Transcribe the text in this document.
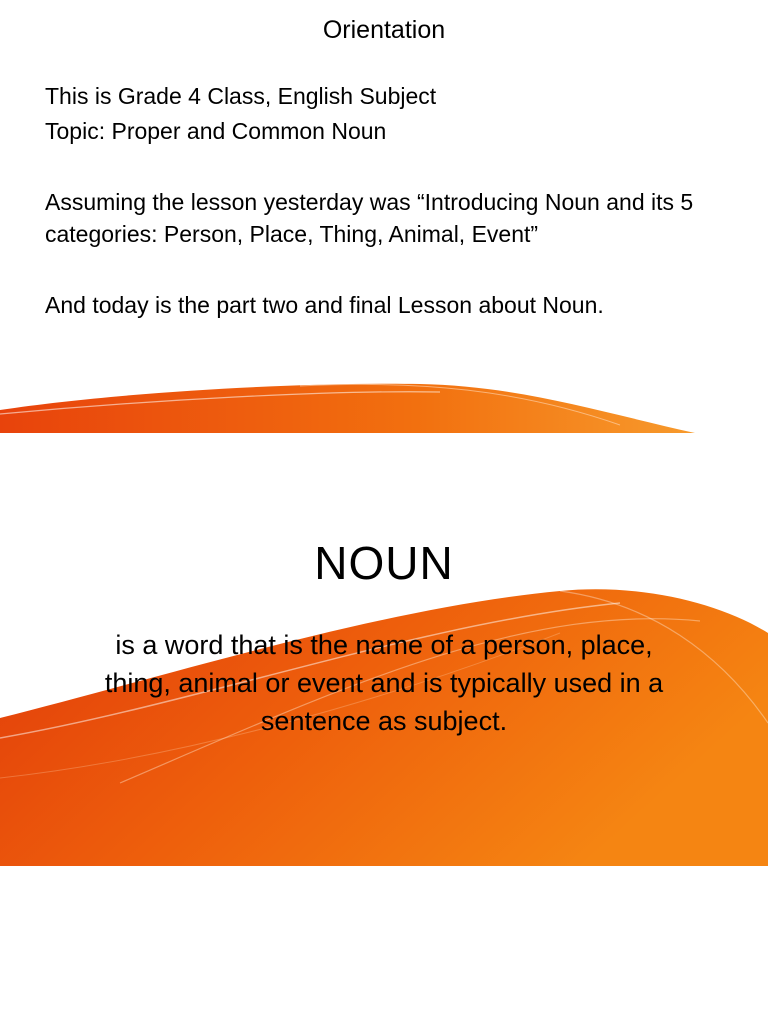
Orientation

This is Grade 4 Class, English Subject

Topic: Proper and Common Noun

Assuming the lesson yesterday was “Introducing Noun and its 5 categories: Person, Place, Thing, Animal, Event”

And today is the part two and final Lesson about Noun.

NOUN

is a word that is the name of a person, place, thing, animal or event and is typically used in a sentence as subject.
